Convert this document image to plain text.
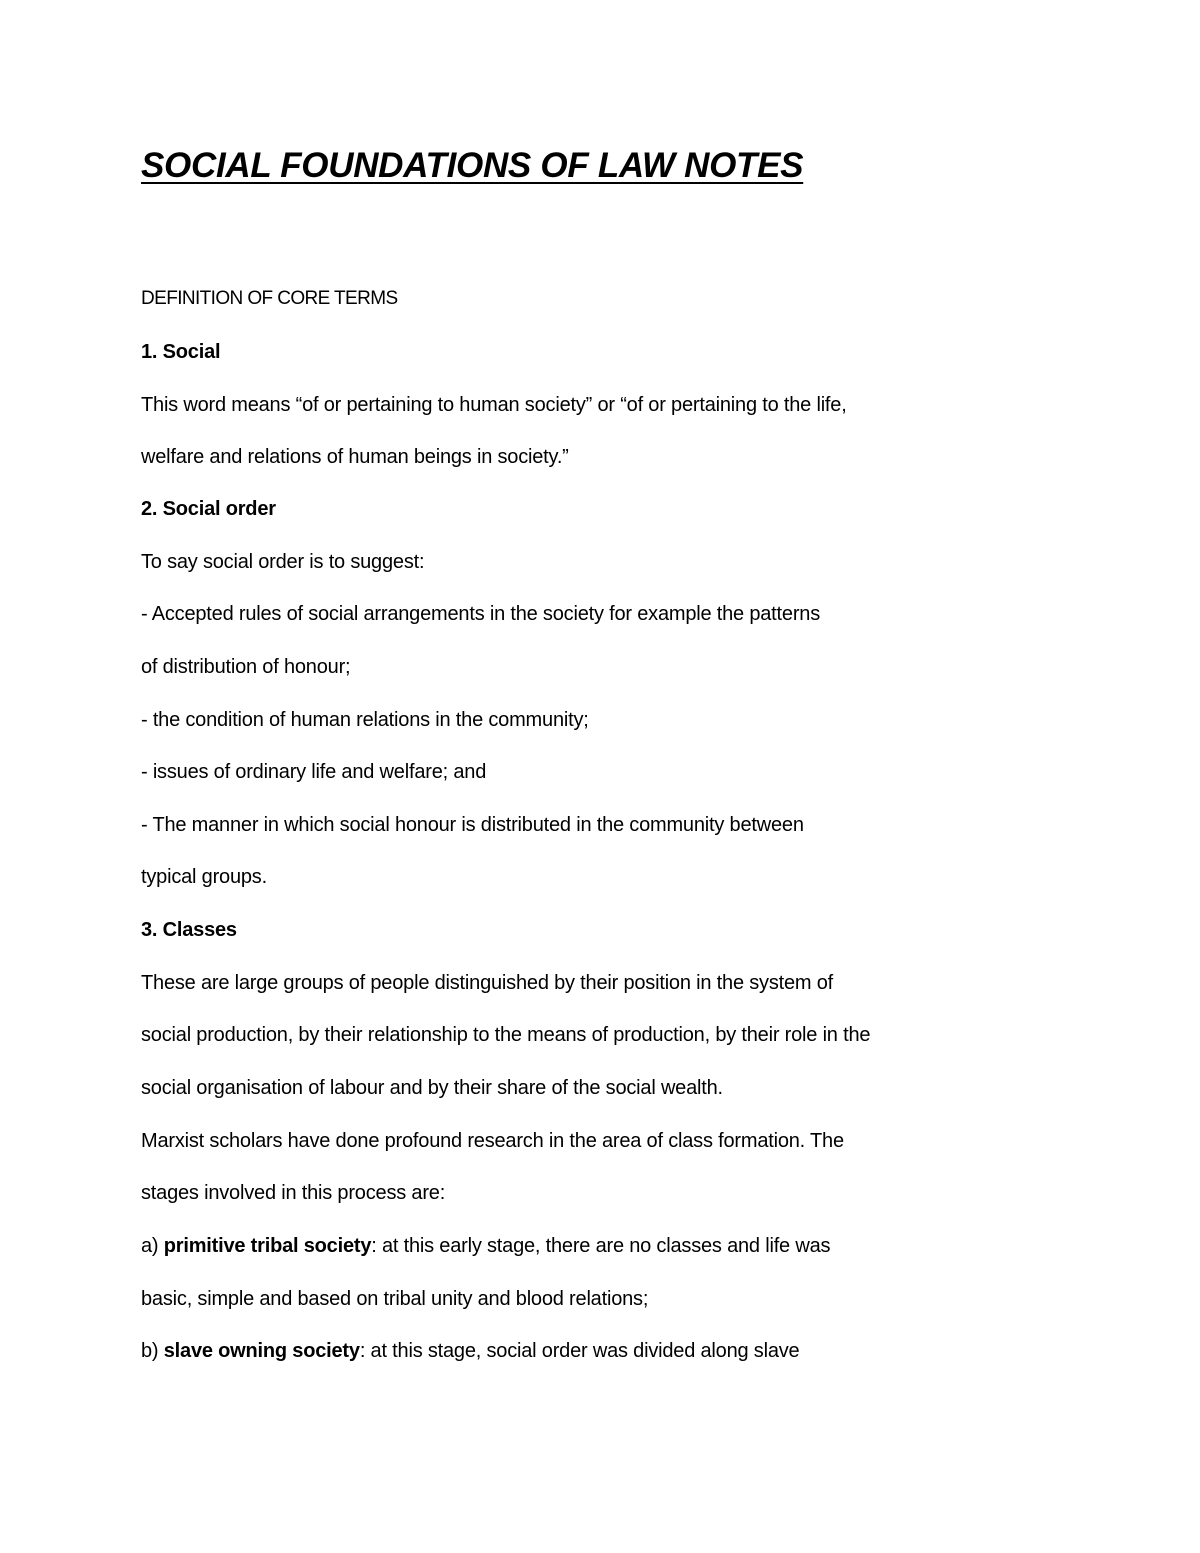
SOCIAL FOUNDATIONS OF LAW NOTES
DEFINITION OF CORE TERMS
1. Social
This word means “of or pertaining to human society” or “of or pertaining to the life,
welfare and relations of human beings in society.”
2. Social order
To say social order is to suggest:
- Accepted rules of social arrangements in the society for example the patterns
of distribution of honour;
- the condition of human relations in the community;
- issues of ordinary life and welfare; and
- The manner in which social honour is distributed in the community between
typical groups.
3. Classes
These are large groups of people distinguished by their position in the system of
social production, by their relationship to the means of production, by their role in the
social organisation of labour and by their share of the social wealth.
Marxist scholars have done profound research in the area of class formation. The
stages involved in this process are:
a) primitive tribal society: at this early stage, there are no classes and life was
basic, simple and based on tribal unity and blood relations;
b) slave owning society: at this stage, social order was divided along slave
